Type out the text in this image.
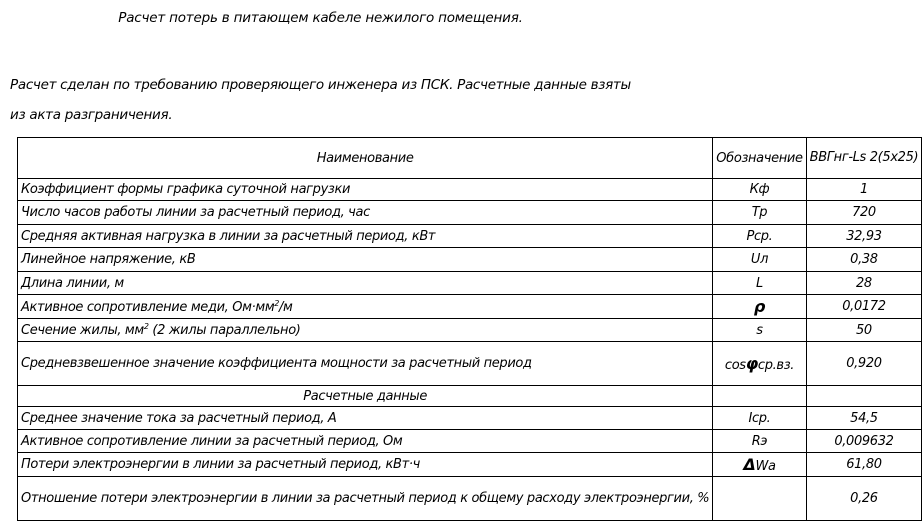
Расчет потерь в питающем кабеле нежилого помещения.
Расчет сделан по требованию проверяющего инженера из ПСК. Расчетные данные взяты из акта разграничения.
Наименование	Обозначение	ВВГнг-Ls 2(5х25)
Коэффициент формы графика суточной нагрузки	Кф	1
Число часов работы линии за расчетный период, час	Тр	720
Средняя активная нагрузка в линии за расчетный период, кВт	Рср.	32,93
Линейное напряжение, кВ	Uл	0,38
Длина линии, м	L	28
Активное сопротивление меди, $Ом\cdot мм^2/м$	ρ	0,0172
Сечение жилы, $мм^2$ (2 жилы параллельно)	s	50
Средневзвешенное значение коэффициента мощности за расчетный период	cosφср.вз.	0,920
Расчетные данные		
Среднее значение тока за расчетный период, А	Iср.	54,5
Активное сопротивление линии за расчетный период, Ом	Rэ	0,009632
Потери электроэнергии в линии за расчетный период, кВт·ч	ΔWа	61,80
Отношение потери электроэнергии в линии за расчетный период к общему расходу электроэнергии, %		0,26
